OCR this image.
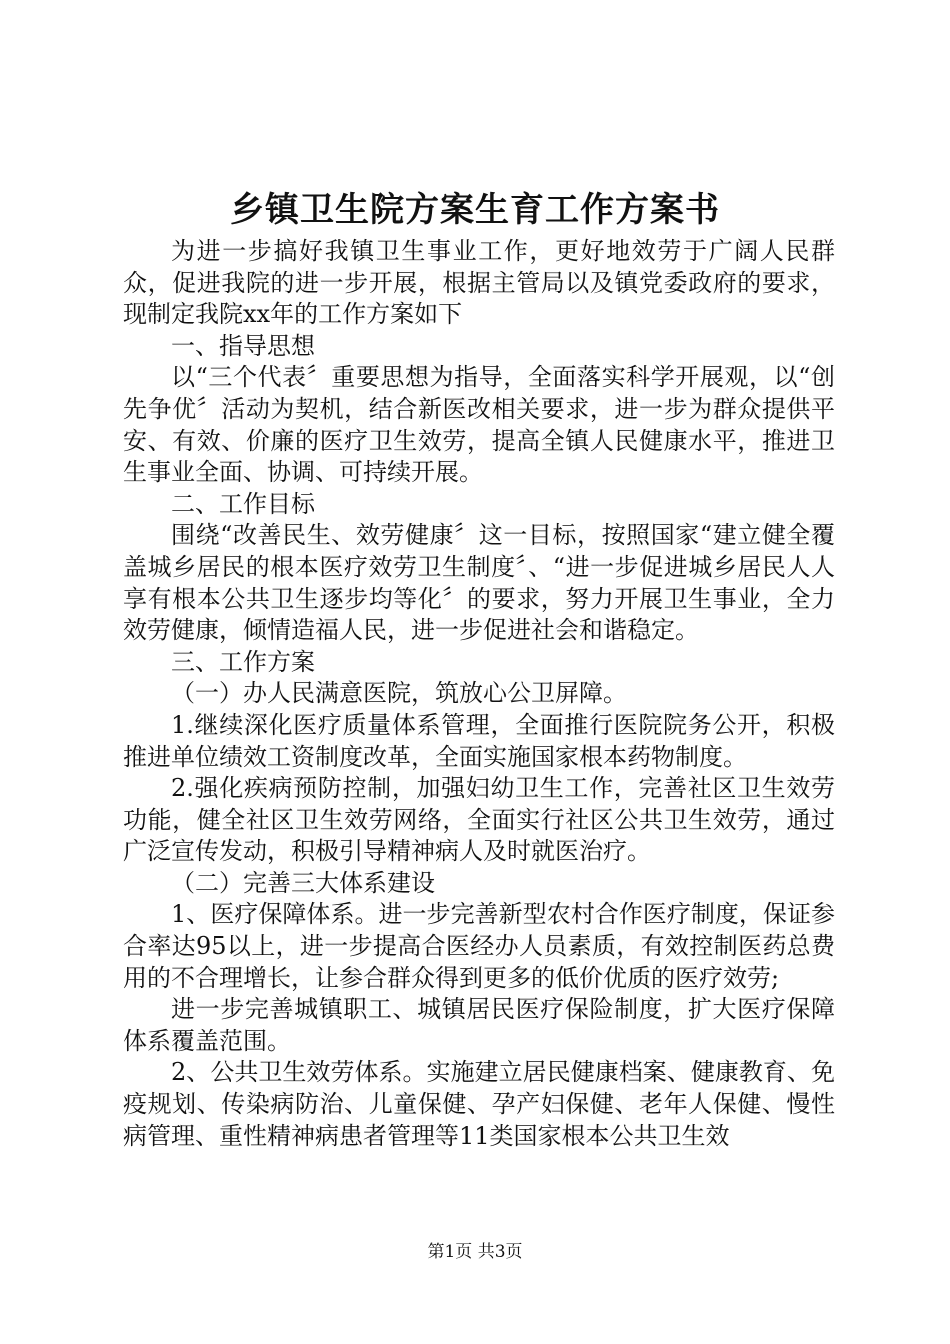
乡镇卫生院方案生育工作方案书

为进一步搞好我镇卫生事业工作，更好地效劳于广阔人民群众，促进我院的进一步开展，根据主管局以及镇党委政府的要求，现制定我院xx年的工作方案如下

一、指导思想

以“三个代表〞重要思想为指导，全面落实科学开展观，以“创先争优〞活动为契机，结合新医改相关要求，进一步为群众提供平安、有效、价廉的医疗卫生效劳，提高全镇人民健康水平，推进卫生事业全面、协调、可持续开展。

二、工作目标

围绕“改善民生、效劳健康〞这一目标，按照国家“建立健全覆盖城乡居民的根本医疗效劳卫生制度〞、“进一步促进城乡居民人人享有根本公共卫生逐步均等化〞的要求，努力开展卫生事业，全力效劳健康，倾情造福人民，进一步促进社会和谐稳定。

三、工作方案

（一）办人民满意医院，筑放心公卫屏障。

1.继续深化医疗质量体系管理，全面推行医院院务公开，积极推进单位绩效工资制度改革，全面实施国家根本药物制度。

2.强化疾病预防控制，加强妇幼卫生工作，完善社区卫生效劳功能，健全社区卫生效劳网络，全面实行社区公共卫生效劳，通过广泛宣传发动，积极引导精神病人及时就医治疗。

（二）完善三大体系建设

1、医疗保障体系。进一步完善新型农村合作医疗制度，保证参合率达95以上，进一步提高合医经办人员素质，有效控制医药总费用的不合理增长，让参合群众得到更多的低价优质的医疗效劳;

进一步完善城镇职工、城镇居民医疗保险制度，扩大医疗保障体系覆盖范围。

2、公共卫生效劳体系。实施建立居民健康档案、健康教育、免疫规划、传染病防治、儿童保健、孕产妇保健、老年人保健、慢性病管理、重性精神病患者管理等11类国家根本公共卫生效

第1页 共3页
